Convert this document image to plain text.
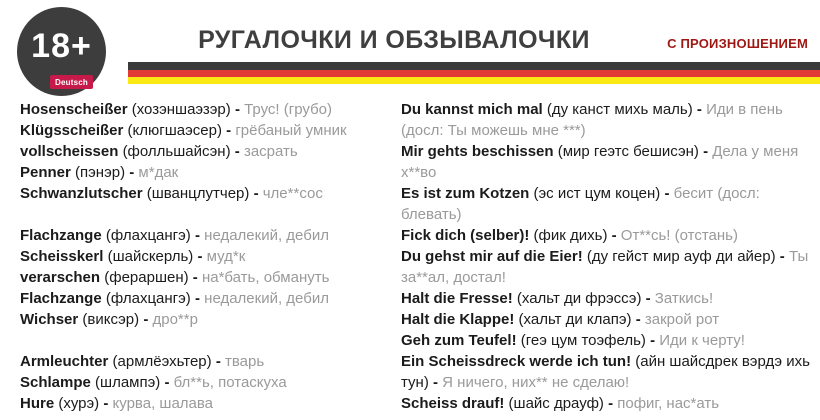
18+
Deutsch
РУГАЛОЧКИ И ОБЗЫВАЛОЧКИ	С ПРОИЗНОШЕНИЕМ
Hosenscheißer (хозэншаэзэр) - Трус! (грубо)
Klügsscheißer (клюгшаэсер) - грёбаный умник
vollscheissen (фолльшайсэн) - засрать
Penner (пэнэр) - м*дак
Schwanzlutscher (шванцлутчер) - чле**сос
Flachzange (флахцангэ) - недалекий, дебил
Scheisskerl (шайскерль) - муд*к
verarschen (фераршен) - на*бать, обмануть
Flachzange (флахцангэ) - недалекий, дебил
Wichser (виксэр) - дро**р
Armleuchter (армлёэхьтер) - тварь
Schlampe (шлампэ) - бл**ь, потаскуха
Hure (хурэ) - курва, шалава
Du kannst mich mal (ду канст михь маль) - Иди в пень (досл: Ты можешь мне ***)
Mir gehts beschissen (мир геэтс бешисэн) - Дела у меня х**во
Es ist zum Kotzen (эс ист цум коцен) - бесит (досл: блевать)
Fick dich (selber)! (фик дихь) - От**сь! (отстань)
Du gehst mir auf die Eier! (ду гейст мир ауф ди айер) - Ты за**ал, достал!
Halt die Fresse! (хальт ди фрэссэ) - Заткись!
Halt die Klappe! (хальт ди клапэ) - закрой рот
Geh zum Teufel! (геэ цум тоэфель) - Иди к черту!
Ein Scheissdreck werde ich tun! (айн шайсдрек вэрдэ ихь тун) - Я ничего, них** не сделаю!
Scheiss drauf! (шайс драуф) - пофиг, нас*ать
